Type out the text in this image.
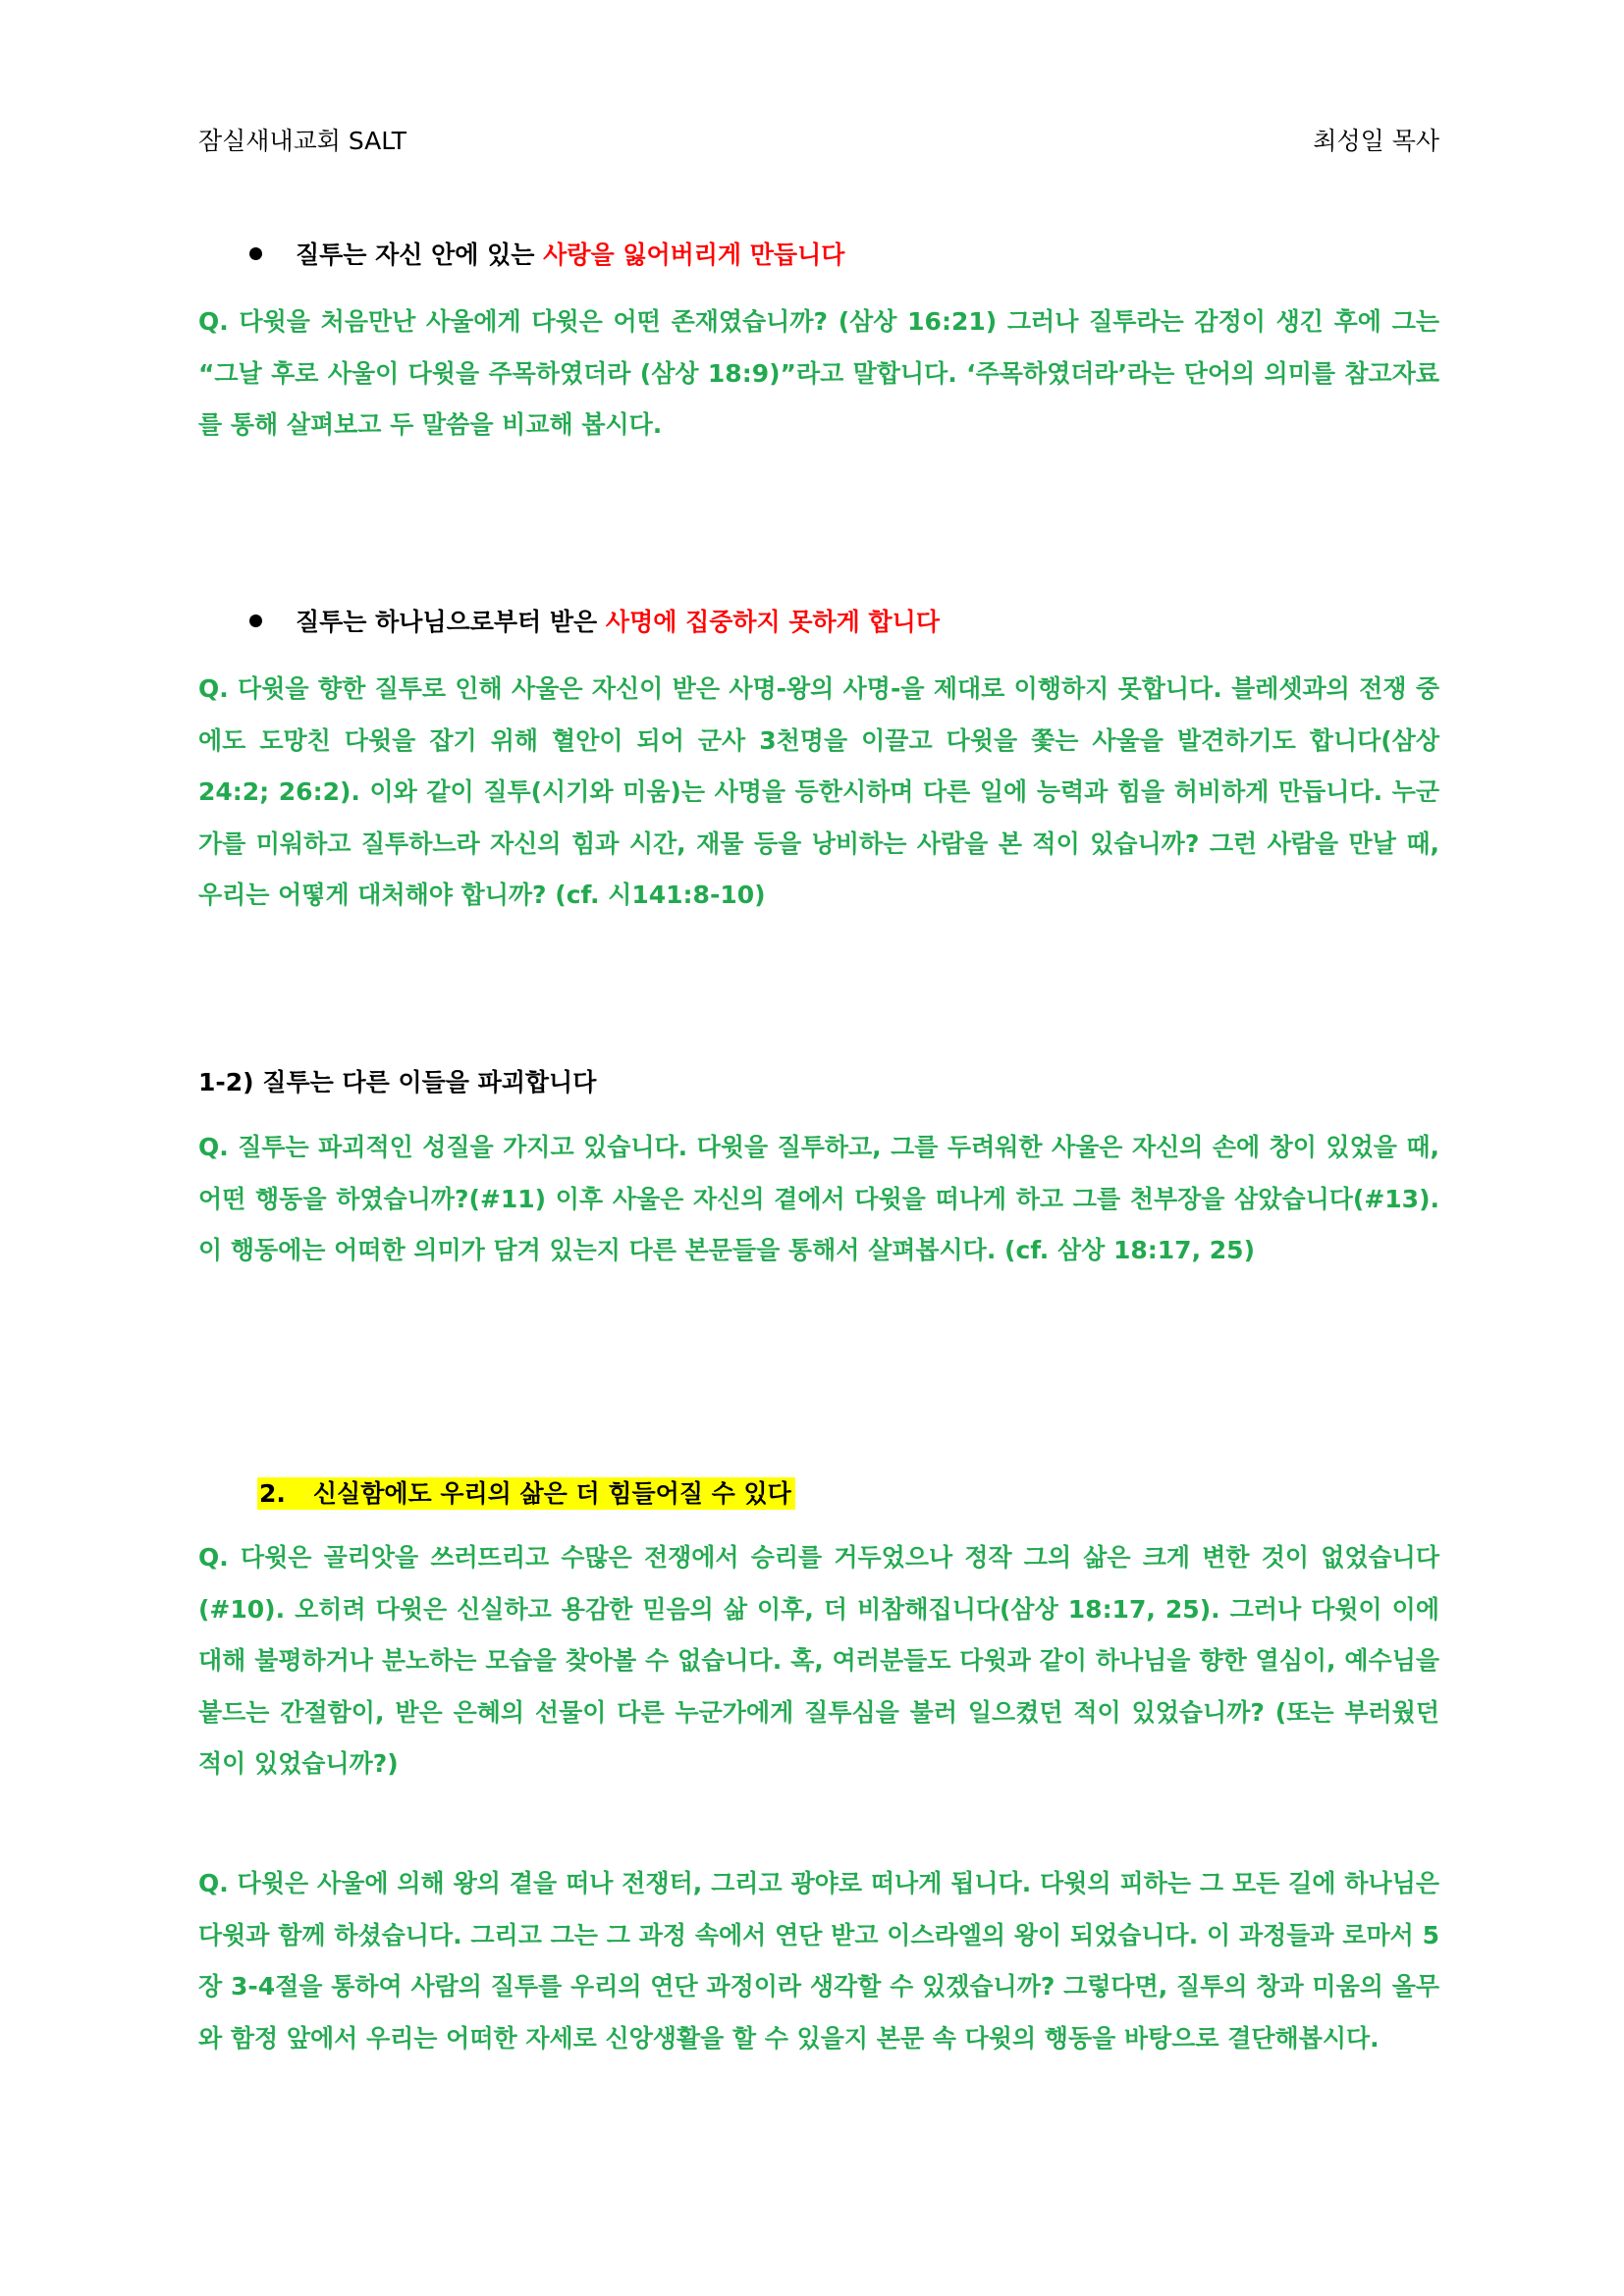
잠실새내교회 SALT	최성일 목사
질투는 자신 안에 있는 사랑을 잃어버리게 만듭니다

Q. 다윗을 처음만난 사울에게 다윗은 어떤 존재였습니까? (삼상 16:21) 그러나 질투라는 감정이 생긴 후에 그는 “그날 후로 사울이 다윗을 주목하였더라 (삼상 18:9)”라고 말합니다. ‘주목하였더라’라는 단어의 의미를 참고자료를 통해 살펴보고 두 말씀을 비교해 봅시다.

질투는 하나님으로부터 받은 사명에 집중하지 못하게 합니다

Q. 다윗을 향한 질투로 인해 사울은 자신이 받은 사명-왕의 사명-을 제대로 이행하지 못합니다. 블레셋과의 전쟁 중에도 도망친 다윗을 잡기 위해 혈안이 되어 군사 3천명을 이끌고 다윗을 쫓는 사울을 발견하기도 합니다(삼상 24:2; 26:2). 이와 같이 질투(시기와 미움)는 사명을 등한시하며 다른 일에 능력과 힘을 허비하게 만듭니다. 누군가를 미워하고 질투하느라 자신의 힘과 시간, 재물 등을 낭비하는 사람을 본 적이 있습니까? 그런 사람을 만날 때, 우리는 어떻게 대처해야 합니까? (cf. 시141:8-10)

1-2) 질투는 다른 이들을 파괴합니다

Q. 질투는 파괴적인 성질을 가지고 있습니다. 다윗을 질투하고, 그를 두려워한 사울은 자신의 손에 창이 있었을 때, 어떤 행동을 하였습니까?(#11) 이후 사울은 자신의 곁에서 다윗을 떠나게 하고 그를 천부장을 삼았습니다(#13). 이 행동에는 어떠한 의미가 담겨 있는지 다른 본문들을 통해서 살펴봅시다. (cf. 삼상 18:17, 25)

2. 신실함에도 우리의 삶은 더 힘들어질 수 있다

Q. 다윗은 골리앗을 쓰러뜨리고 수많은 전쟁에서 승리를 거두었으나 정작 그의 삶은 크게 변한 것이 없었습니다(#10). 오히려 다윗은 신실하고 용감한 믿음의 삶 이후, 더 비참해집니다(삼상 18:17, 25). 그러나 다윗이 이에 대해 불평하거나 분노하는 모습을 찾아볼 수 없습니다. 혹, 여러분들도 다윗과 같이 하나님을 향한 열심이, 예수님을 붙드는 간절함이, 받은 은혜의 선물이 다른 누군가에게 질투심을 불러 일으켰던 적이 있었습니까? (또는 부러웠던 적이 있었습니까?)

Q. 다윗은 사울에 의해 왕의 곁을 떠나 전쟁터, 그리고 광야로 떠나게 됩니다. 다윗의 피하는 그 모든 길에 하나님은 다윗과 함께 하셨습니다. 그리고 그는 그 과정 속에서 연단 받고 이스라엘의 왕이 되었습니다. 이 과정들과 로마서 5장 3-4절을 통하여 사람의 질투를 우리의 연단 과정이라 생각할 수 있겠습니까? 그렇다면, 질투의 창과 미움의 올무와 함정 앞에서 우리는 어떠한 자세로 신앙생활을 할 수 있을지 본문 속 다윗의 행동을 바탕으로 결단해봅시다.
